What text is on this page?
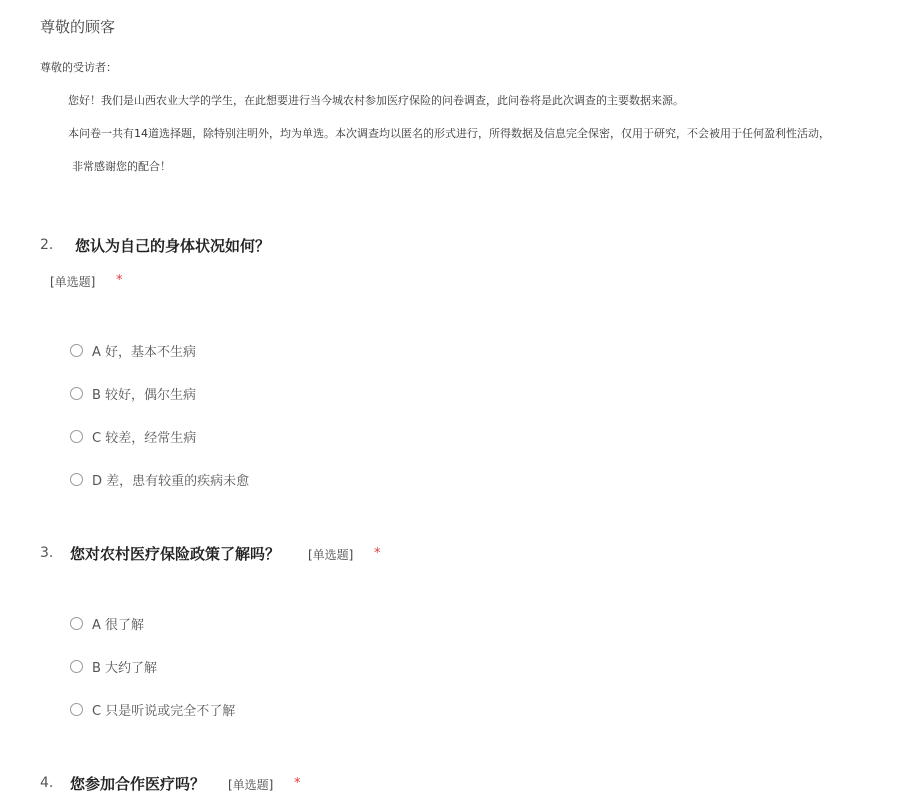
尊敬的顾客
尊敬的受访者：
您好！我们是山西农业大学的学生，在此想要进行当今城农村参加医疗保险的问卷调查，此问卷将是此次调查的主要数据来源。
本问卷一共有14道选择题，除特别注明外，均为单选。本次调查均以匿名的形式进行，所得数据及信息完全保密，仅用于研究，不会被用于任何盈利性活动，
非常感谢您的配合！
2. 您认为自己的身体状况如何？
[单选题] *
A 好，基本不生病
B 较好，偶尔生病
C 较差，经常生病
D 差，患有较重的疾病未愈
3. 您对农村医疗保险政策了解吗？ [单选题] *
A 很了解
B 大约了解
C 只是听说或完全不了解
4. 您参加合作医疗吗？ [单选题] *
